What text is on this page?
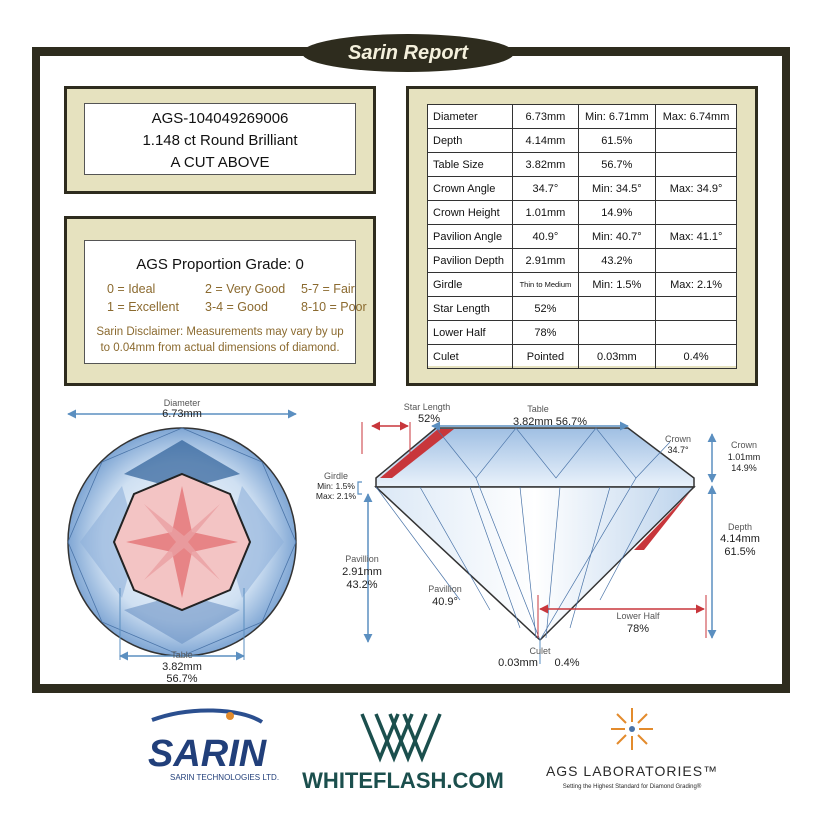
Sarin Report
AGS-104049269006
1.148 ct Round Brilliant
A CUT ABOVE
AGS Proportion Grade: 0
0 = Ideal	2 = Very Good	5-7 = Fair
1 = Excellent	3-4 = Good	8-10 = Poor
Sarin Disclaimer: Measurements may vary by up to 0.04mm from actual dimensions of diamond.
Diameter	6.73mm	Min: 6.71mm	Max: 6.74mm
Depth	4.14mm	61.5%	
Table Size	3.82mm	56.7%	
Crown Angle	34.7°	Min: 34.5°	Max: 34.9°
Crown Height	1.01mm	14.9%	
Pavilion Angle	40.9°	Min: 40.7°	Max: 41.1°
Pavilion Depth	2.91mm	43.2%	
Girdle	Thin to Medium	Min: 1.5%	Max: 2.1%
Star Length	52%		
Lower Half	78%		
Culet	Pointed	0.03mm	0.4%
Diameter
6.73mm
Table
3.82mm
56.7%
Star Length
52%
Table
3.82mm 56.7%
Crown
34.7°	Crown
1.01mm
14.9%
Depth
4.14mm
61.5%
Girdle
Min: 1.5%
Max: 2.1%
Pavillion
2.91mm
43.2%	Pavillion
40.9°
Lower Half
78%
Culet
0.03mm 0.4%
SARIN
SARIN TECHNOLOGIES LTD. WHITEFLASH.COM	AGS LABORATORIES™
Setting the Highest Standard for Diamond Grading®
